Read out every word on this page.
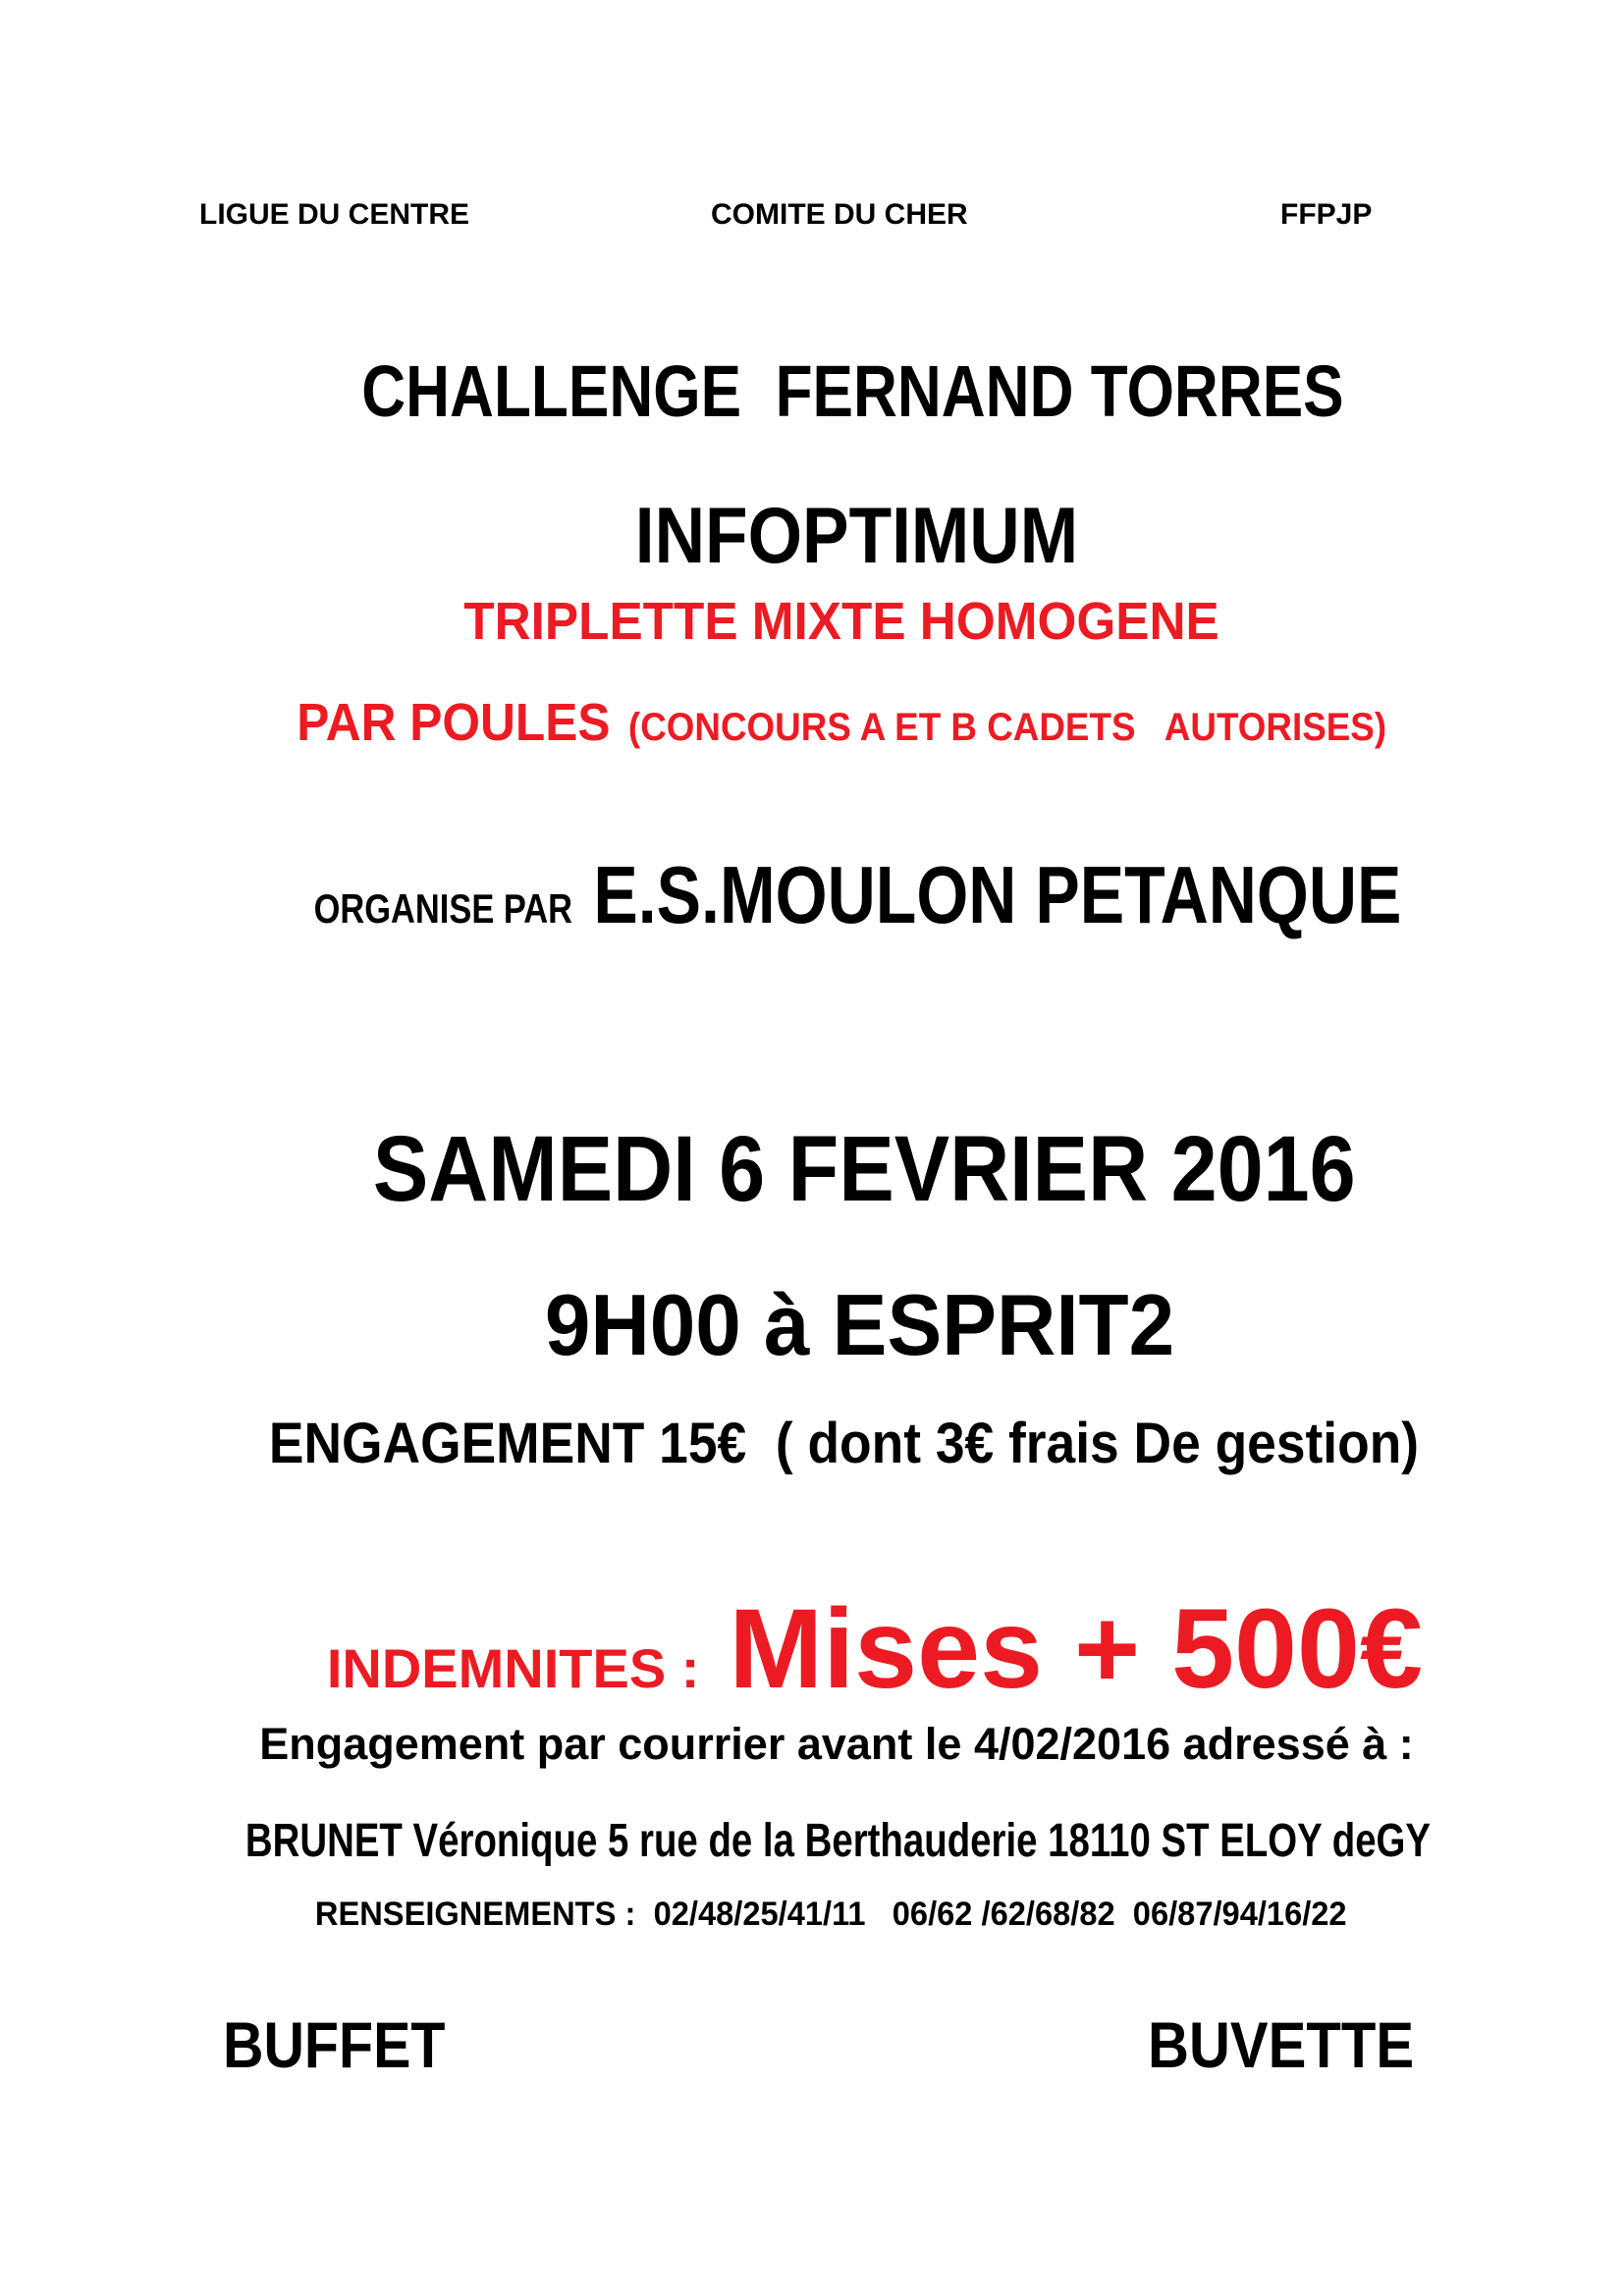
LIGUE DU CENTRE

	COMITE DU CHER

	FFPJP

CHALLENGE  FERNAND TORRES

INFOPTIMUM

TRIPLETTE MIXTE HOMOGENE

PAR POULES (CONCOURS A ET B CADETS   AUTORISES)

ORGANISE PAR E.S.MOULON PETANQUE

SAMEDI 6 FEVRIER 2016

9H00 à ESPRIT2

ENGAGEMENT 15€  ( dont 3€ frais De gestion)

INDEMNITES : Mises + 500€

Engagement par courrier avant le 4/02/2016 adressé à :

BRUNET Véronique 5 rue de la Berthauderie 18110 ST ELOY deGY

RENSEIGNEMENTS : 02/48/25/41/11   06/62 /62/68/82  06/87/94/16/22

BUFFET

	BUVETTE
